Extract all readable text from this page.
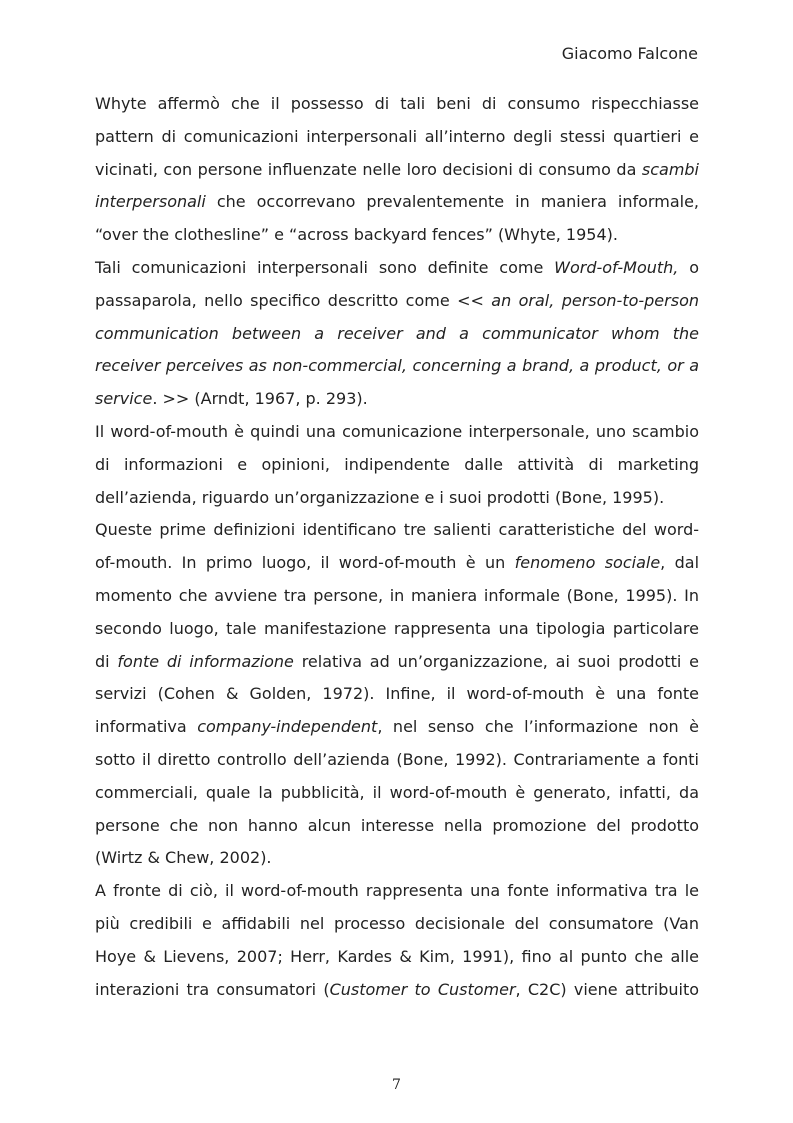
Giacomo Falcone

Whyte affermò che il possesso di tali beni di consumo rispecchiasse pattern di comunicazioni interpersonali all’interno degli stessi quartieri e vicinati, con persone influenzate nelle loro decisioni di consumo da scambi interpersonali che occorrevano prevalentemente in maniera informale, “over the clothesline” e “across backyard fences” (Whyte, 1954).

Tali comunicazioni interpersonali sono definite come Word-of-Mouth, o passaparola, nello specifico descritto come << an oral, person-to-person communication between a receiver and a communicator whom the receiver perceives as non-commercial, concerning a brand, a product, or a service. >> (Arndt, 1967, p. 293).

Il word-of-mouth è quindi una comunicazione interpersonale, uno scambio di informazioni e opinioni, indipendente dalle attività di marketing dell’azienda, riguardo un’organizzazione e i suoi prodotti (Bone, 1995).

Queste prime definizioni identificano tre salienti caratteristiche del word-of-mouth. In primo luogo, il word-of-mouth è un fenomeno sociale, dal momento che avviene tra persone, in maniera informale (Bone, 1995). In secondo luogo, tale manifestazione rappresenta una tipologia particolare di fonte di informazione relativa ad un’organizzazione, ai suoi prodotti e servizi (Cohen & Golden, 1972). Infine, il word-of-mouth è una fonte informativa company-independent, nel senso che l’informazione non è sotto il diretto controllo dell’azienda (Bone, 1992). Contrariamente a fonti commerciali, quale la pubblicità, il word-of-mouth è generato, infatti, da persone che non hanno alcun interesse nella promozione del prodotto (Wirtz & Chew, 2002).

A fronte di ciò, il word-of-mouth rappresenta una fonte informativa tra le più credibili e affidabili nel processo decisionale del consumatore (Van Hoye & Lievens, 2007; Herr, Kardes & Kim, 1991), fino al punto che alle interazioni tra consumatori (Customer to Customer, C2C) viene attribuito

7
